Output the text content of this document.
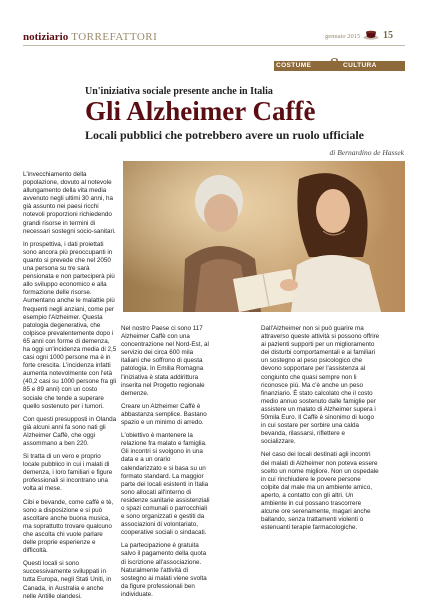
notiziario TORREFATTORI	gennaio 2015 15
COSTUME & CULTURA
Un'iniziativa sociale presente anche in Italia
Gli Alzheimer Caffè
Locali pubblici che potrebbero avere un ruolo ufficiale
di Bernardino de Hassek

L'invecchiamento della popolazione, dovuto al notevole allungamento della vita media avvenuto negli ultimi 30 anni, ha già assunto nei paesi ricchi notevoli proporzioni richiedendo grandi risorse in termini di necessari sostegni socio-sanitari.

In prospettiva, i dati proiettati sono ancora più preoccupanti in quanto si prevede che nel 2050 una persona su tre sarà pensionata e non parteciperà più allo sviluppo economico e alla formazione delle risorse. Aumentano anche le malattie più frequenti negli anziani, come per esempio l'Alzheimer. Questa patologia degenerativa, che colpisce prevalentemente dopo i 65 anni con forme di demenza, ha oggi un'incidenza media di 2,5 casi ogni 1000 persone ma è in forte crescita. L'incidenza infatti aumenta notevolmente con l'età (40,2 casi su 1000 persone fra gli 85 e 89 anni) con un costo sociale che tende a superare quello sostenuto per i tumori.

Con questi presupposti in Olanda già alcuni anni fa sono nati gli Alzheimer Caffè, che oggi assommano a ben 220.

Si tratta di un vero e proprio locale pubblico in cui i malati di demenza, i loro familiari e figure professionali si incontrano una volta al mese.

Cibi e bevande, come caffè e tè, sono a disposizione e si può ascoltare anche buona musica, ma soprattutto trovare qualcuno che ascolta chi vuole parlare delle proprie esperienze e difficoltà.

Questi locali si sono successivamente sviluppati in tutta Europa, negli Stati Uniti, in Canada, in Australia e anche nelle Antille olandesi.

Nel nostro Paese ci sono 117 Alzheimer Caffè con una concentrazione nel Nord-Est, al servizio dei circa 600 mila italiani che soffrono di questa patologia. In Emilia Romagna l'iniziativa è stata addirittura inserita nel Progetto regionale demenze.

Creare un Alzheimer Caffè è abbastanza semplice. Bastano spazio e un minimo di arredo.

L'obiettivo è mantenere la relazione fra malato e famiglia. Gli incontri si svolgono in una data e a un orario calendarizzato e si basa su un formato standard. La maggior parte dei locali esistenti in Italia sono allocati all'interno di residenze sanitarie assistenziali o spazi comunali o parrocchiali e sono organizzati e gestiti da associazioni di volontariato, cooperative sociali o sindacati.

La partecipazione è gratuita salvo il pagamento della quota di iscrizione all'associazione. Naturalmente l'attività di sostegno ai malati viene svolta da figure professionali ben individuate.

Dall'Alzheimer non si può guarire ma attraverso queste attività si possono offrire ai pazienti supporti per un miglioramento dei disturbi comportamentali e ai familiari un sostegno al peso psicologico che devono sopportare per l'assistenza al congiunto che quasi sempre non li riconosce più. Ma c'è anche un peso finanziario. È stato calcolato che il costo medio annuo sostenuto dalle famiglie per assistere un malato di Alzheimer supera i 50mila Euro. Il Caffè è sinonimo di luogo in cui sostare per sorbire una calda bevanda, rilassarsi, riflettere e socializzare.

Nel caso dei locali destinati agli incontri dei malati di Alzheimer non poteva essere scelto un nome migliore. Non un ospedale in cui rinchiudere le povere persone colpite dal male ma un ambiente amico, aperto, a contatto con gli altri. Un ambiente in cui possano trascorrere alcune ore serenamente, magari anche ballando, senza trattamenti violenti o estenuanti terapie farmacologiche.
